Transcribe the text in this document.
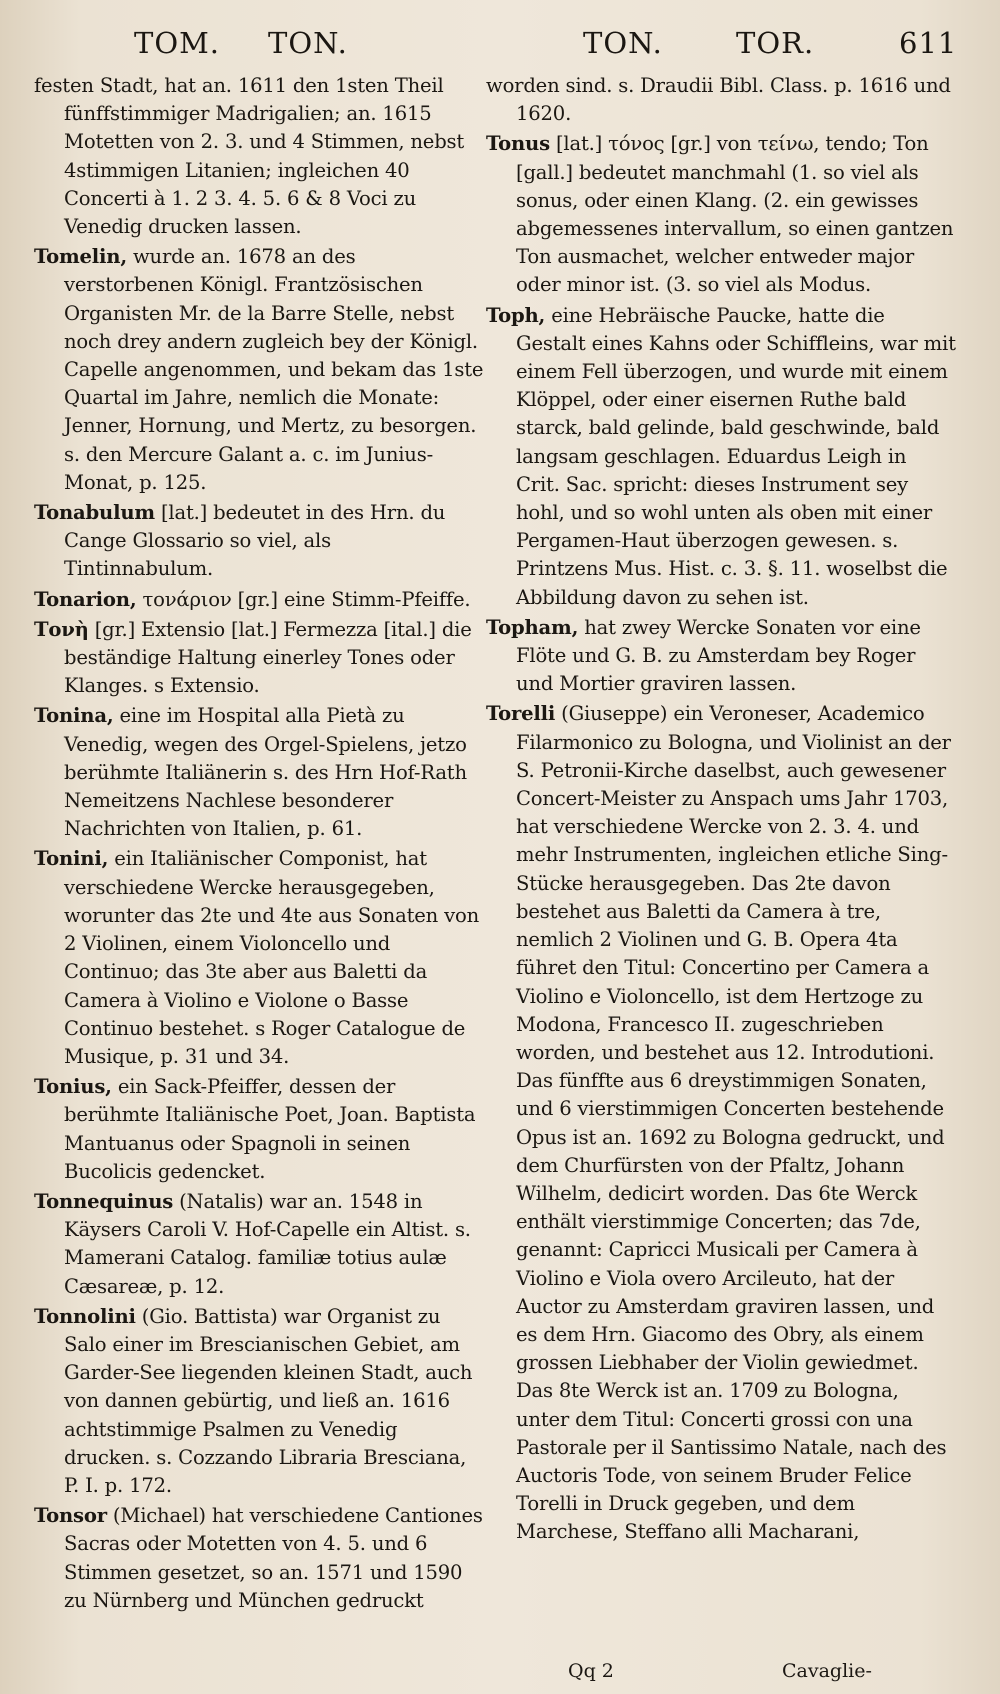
TOM. TON.	TON.	TOR.	611
festen Stadt, hat an. 1611 den 1sten Theil fünffstimmiger Madrigalien; an. 1615 Motetten von 2. 3. und 4 Stimmen, nebst 4stimmigen Litanien; ingleichen 40 Concerti à 1. 2 3. 4. 5. 6 & 8 Voci zu Venedig drucken lassen.
Tomelin, wurde an. 1678 an des verstorbenen Königl. Frantzösischen Organisten Mr. de la Barre Stelle, nebst noch drey andern zugleich bey der Königl. Capelle angenommen, und bekam das 1ste Quartal im Jahre, nemlich die Monate: Jenner, Hornung, und Mertz, zu besorgen. s. den Mercure Galant a. c. im Junius-Monat, p. 125.
Tonabulum [lat.] bedeutet in des Hrn. du Cange Glossario so viel, als Tintinnabulum.
Tonarion, τονάριον [gr.] eine Stimm-Pfeiffe.
Τονὴ [gr.] Extensio [lat.] Fermezza [ital.] die beständige Haltung einerley Tones oder Klanges. s Extensio.
Tonina, eine im Hospital alla Pietà zu Venedig, wegen des Orgel-Spielens, jetzo berühmte Italiänerin s. des Hrn Hof-Rath Nemeitzens Nachlese besonderer Nachrichten von Italien, p. 61.
Tonini, ein Italiänischer Componist, hat verschiedene Wercke herausgegeben, worunter das 2te und 4te aus Sonaten von 2 Violinen, einem Violoncello und Continuo; das 3te aber aus Baletti da Camera à Violino e Violone o Basse Continuo bestehet. s Roger Catalogue de Musique, p. 31 und 34.
Tonius, ein Sack-Pfeiffer, dessen der berühmte Italiänische Poet, Joan. Baptista Mantuanus oder Spagnoli in seinen Bucolicis gedencket.
Tonnequinus (Natalis) war an. 1548 in Käysers Caroli V. Hof-Capelle ein Altist. s. Mamerani Catalog. familiæ totius aulæ Cæsareæ, p. 12.
Tonnolini (Gio. Battista) war Organist zu Salo einer im Brescianischen Gebiet, am Garder-See liegenden kleinen Stadt, auch von dannen gebürtig, und ließ an. 1616 achtstimmige Psalmen zu Venedig drucken. s. Cozzando Libraria Bresciana, P. I. p. 172.
Tonsor (Michael) hat verschiedene Cantiones Sacras oder Motetten von 4. 5. und 6 Stimmen gesetzet, so an. 1571 und 1590 zu Nürnberg und München gedruckt
worden sind. s. Draudii Bibl. Class. p. 1616 und 1620.
Tonus [lat.] τόνος [gr.] von τείνω, tendo; Ton [gall.] bedeutet manchmahl (1. so viel als sonus, oder einen Klang. (2. ein gewisses abgemessenes intervallum, so einen gantzen Ton ausmachet, welcher entweder major oder minor ist. (3. so viel als Modus.
Toph, eine Hebräische Paucke, hatte die Gestalt eines Kahns oder Schiffleins, war mit einem Fell überzogen, und wurde mit einem Klöppel, oder einer eisernen Ruthe bald starck, bald gelinde, bald geschwinde, bald langsam geschlagen. Eduardus Leigh in Crit. Sac. spricht: dieses Instrument sey hohl, und so wohl unten als oben mit einer Pergamen-Haut überzogen gewesen. s. Printzens Mus. Hist. c. 3. §. 11. woselbst die Abbildung davon zu sehen ist.
Topham, hat zwey Wercke Sonaten vor eine Flöte und G. B. zu Amsterdam bey Roger und Mortier graviren lassen.
Torelli (Giuseppe) ein Veroneser, Academico Filarmonico zu Bologna, und Violinist an der S. Petronii-Kirche daselbst, auch gewesener Concert-Meister zu Anspach ums Jahr 1703, hat verschiedene Wercke von 2. 3. 4. und mehr Instrumenten, ingleichen etliche Sing-Stücke herausgegeben. Das 2te davon bestehet aus Baletti da Camera à tre, nemlich 2 Violinen und G. B. Opera 4ta führet den Titul: Concertino per Camera a Violino e Violoncello, ist dem Hertzoge zu Modona, Francesco II. zugeschrieben worden, und bestehet aus 12. Introdutioni. Das fünffte aus 6 dreystimmigen Sonaten, und 6 vierstimmigen Concerten bestehende Opus ist an. 1692 zu Bologna gedruckt, und dem Churfürsten von der Pfaltz, Johann Wilhelm, dedicirt worden. Das 6te Werck enthält vierstimmige Concerten; das 7de, genannt: Capricci Musicali per Camera à Violino e Viola overo Arcileuto, hat der Auctor zu Amsterdam graviren lassen, und es dem Hrn. Giacomo des Obry, als einem grossen Liebhaber der Violin gewiedmet. Das 8te Werck ist an. 1709 zu Bologna, unter dem Titul: Concerti grossi con una Pastorale per il Santissimo Natale, nach des Auctoris Tode, von seinem Bruder Felice Torelli in Druck gegeben, und dem Marchese, Steffano alli Macharani,
Qq 2	Cavaglie-
